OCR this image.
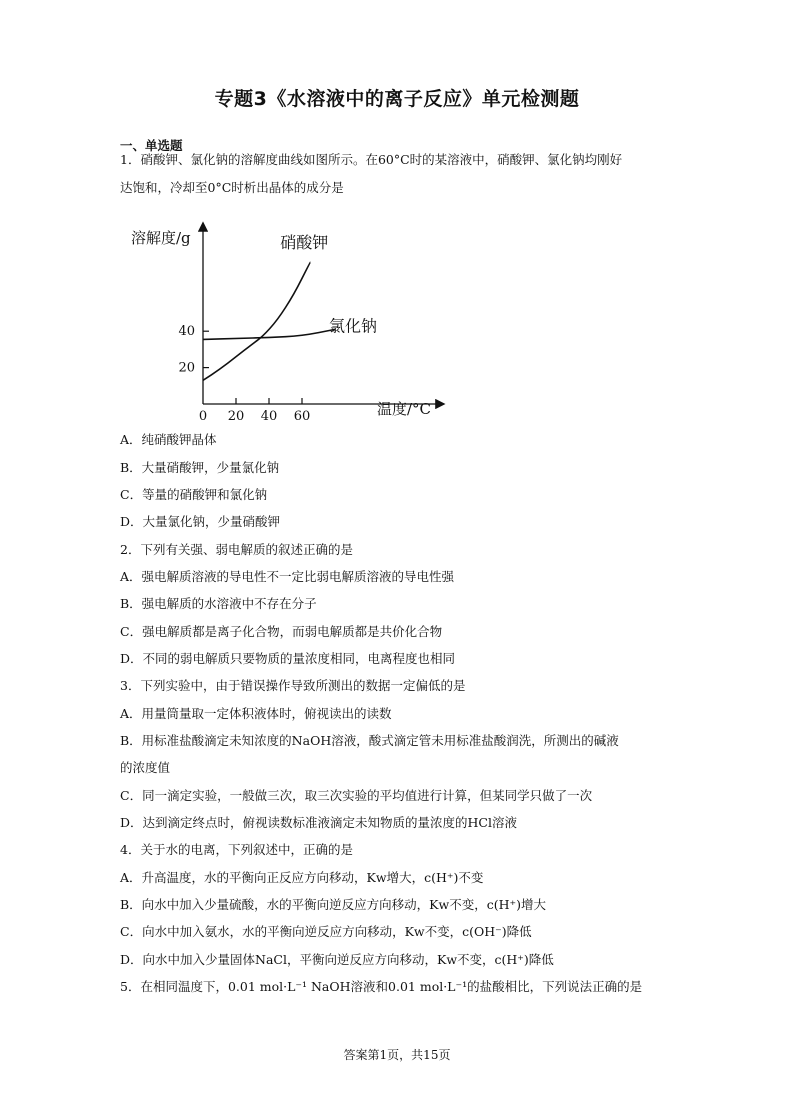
专题3《水溶液中的离子反应》单元检测题
一、单选题
1．硝酸钾、氯化钠的溶解度曲线如图所示。在60°C时的某溶液中，硝酸钾、氯化钠均刚好
达饱和，冷却至0°C时析出晶体的成分是
溶解度/g
温度/°C
0 20 40 60
20
40
硝酸钾
氯化钠
A．纯硝酸钾晶体
B．大量硝酸钾，少量氯化钠
C．等量的硝酸钾和氯化钠
D．大量氯化钠，少量硝酸钾
2．下列有关强、弱电解质的叙述正确的是
A．强电解质溶液的导电性不一定比弱电解质溶液的导电性强
B．强电解质的水溶液中不存在分子
C．强电解质都是离子化合物，而弱电解质都是共价化合物
D．不同的弱电解质只要物质的量浓度相同，电离程度也相同
3．下列实验中，由于错误操作导致所测出的数据一定偏低的是
A．用量筒量取一定体积液体时，俯视读出的读数
B．用标准盐酸滴定未知浓度的NaOH溶液，酸式滴定管未用标准盐酸润洗，所测出的碱液
的浓度值
C．同一滴定实验，一般做三次，取三次实验的平均值进行计算，但某同学只做了一次
D．达到滴定终点时，俯视读数标准液滴定未知物质的量浓度的HCl溶液
4．关于水的电离，下列叙述中，正确的是
A．升高温度，水的平衡向正反应方向移动，Kw增大，c(H⁺)不变
B．向水中加入少量硫酸，水的平衡向逆反应方向移动，Kw不变，c(H⁺)增大
C．向水中加入氨水，水的平衡向逆反应方向移动，Kw不变，c(OH⁻)降低
D．向水中加入少量固体NaCl，平衡向逆反应方向移动，Kw不变，c(H⁺)降低
5．在相同温度下，0.01 mol·L⁻¹ NaOH溶液和0.01 mol·L⁻¹的盐酸相比，下列说法正确的是
答案第1页，共15页
